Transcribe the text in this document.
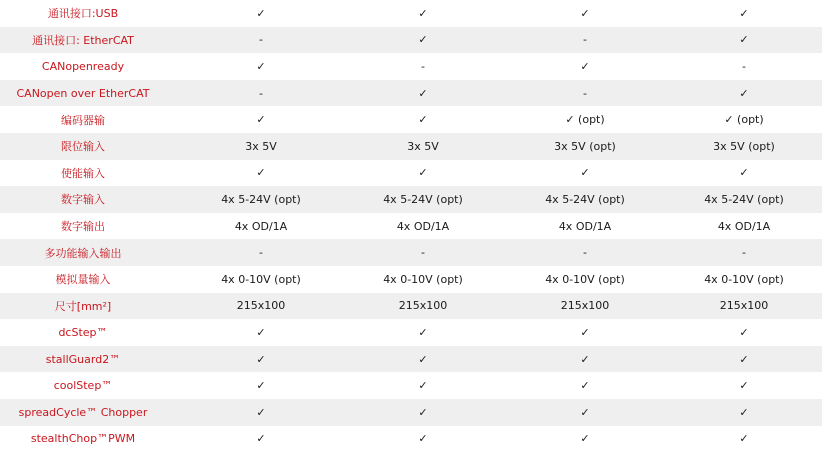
通讯接口:USB	✓	✓	✓	✓
通讯接口: EtherCAT	-	✓	-	✓
CANopenready	✓	-	✓	-
CANopen over EtherCAT	-	✓	-	✓
编码器输	✓	✓	✓ (opt)	✓ (opt)
限位输入	3x 5V	3x 5V	3x 5V (opt)	3x 5V (opt)
使能输入	✓	✓	✓	✓
数字输入	4x 5-24V (opt)	4x 5-24V (opt)	4x 5-24V (opt)	4x 5-24V (opt)
数字输出	4x OD/1A	4x OD/1A	4x OD/1A	4x OD/1A
多功能输入输出	-	-	-	-
模拟量输入	4x 0-10V (opt)	4x 0-10V (opt)	4x 0-10V (opt)	4x 0-10V (opt)
尺寸[mm²]	215x100	215x100	215x100	215x100
dcStep™	✓	✓	✓	✓
stallGuard2™	✓	✓	✓	✓
coolStep™	✓	✓	✓	✓
spreadCycle™ Chopper	✓	✓	✓	✓
stealthChop™PWM	✓	✓	✓	✓
